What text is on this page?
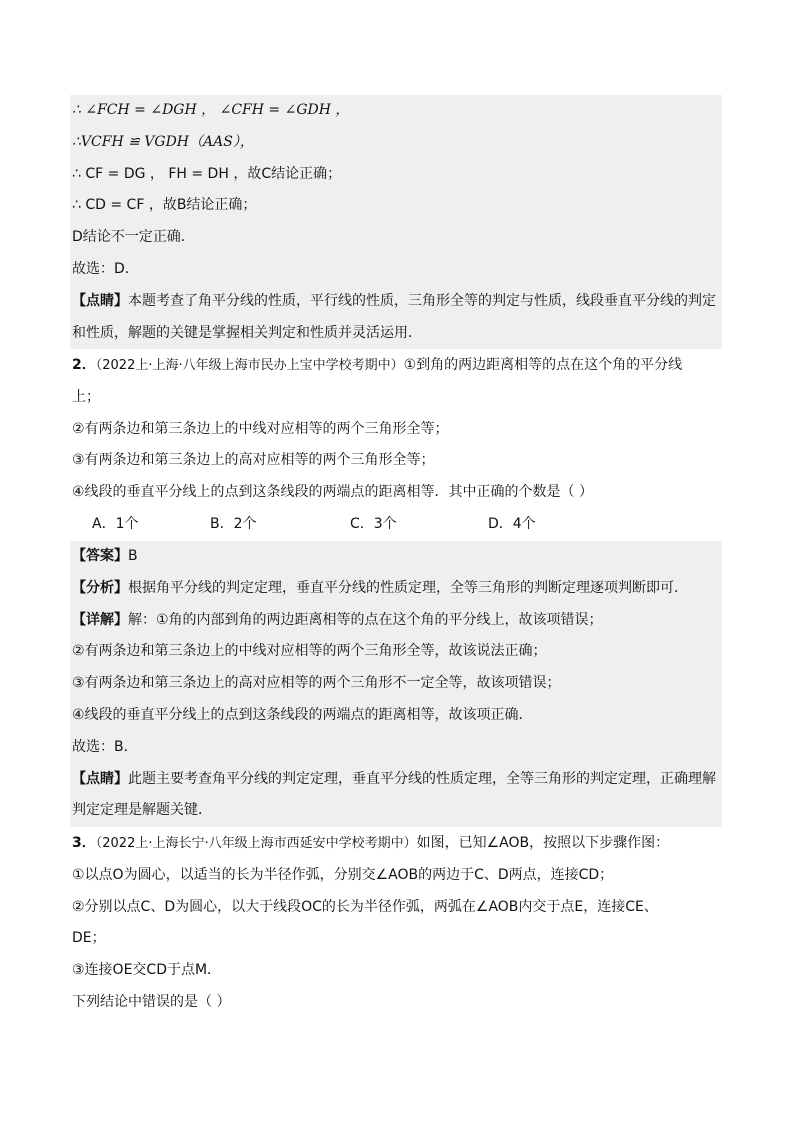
∴ ∠FCH = ∠DGH ， ∠CFH = ∠GDH ，
∴VCFH ≌ VGDH（AAS），
∴ CF = DG ， FH = DH ，故C结论正确；
∴ CD = CF ，故B结论正确；
D结论不一定正确．
故选：D．
【点睛】本题考查了角平分线的性质，平行线的性质，三角形全等的判定与性质，线段垂直平分线的判定
和性质，解题的关键是掌握相关判定和性质并灵活运用．
2．（2022上·上海·八年级上海市民办上宝中学校考期中）①到角的两边距离相等的点在这个角的平分线
上；
②有两条边和第三条边上的中线对应相等的两个三角形全等；
③有两条边和第三条边上的高对应相等的两个三角形全等；
④线段的垂直平分线上的点到这条线段的两端点的距离相等．其中正确的个数是（ ）
A．1个	B．2个	C．3个	D．4个
【答案】B
【分析】根据角平分线的判定定理，垂直平分线的性质定理，全等三角形的判断定理逐项判断即可．
【详解】解：①角的内部到角的两边距离相等的点在这个角的平分线上，故该项错误；
②有两条边和第三条边上的中线对应相等的两个三角形全等，故该说法正确；
③有两条边和第三条边上的高对应相等的两个三角形不一定全等，故该项错误；
④线段的垂直平分线上的点到这条线段的两端点的距离相等，故该项正确．
故选：B．
【点睛】此题主要考查角平分线的判定定理，垂直平分线的性质定理，全等三角形的判定定理，正确理解
判定定理是解题关键．
3．（2022上·上海长宁·八年级上海市西延安中学校考期中）如图，已知∠AOB，按照以下步骤作图：
①以点O为圆心，以适当的长为半径作弧，分别交∠AOB的两边于C、D两点，连接CD；
②分别以点C、D为圆心，以大于线段OC的长为半径作弧，两弧在∠AOB内交于点E，连接CE、
DE；
③连接OE交CD于点M．
下列结论中错误的是（ ）
